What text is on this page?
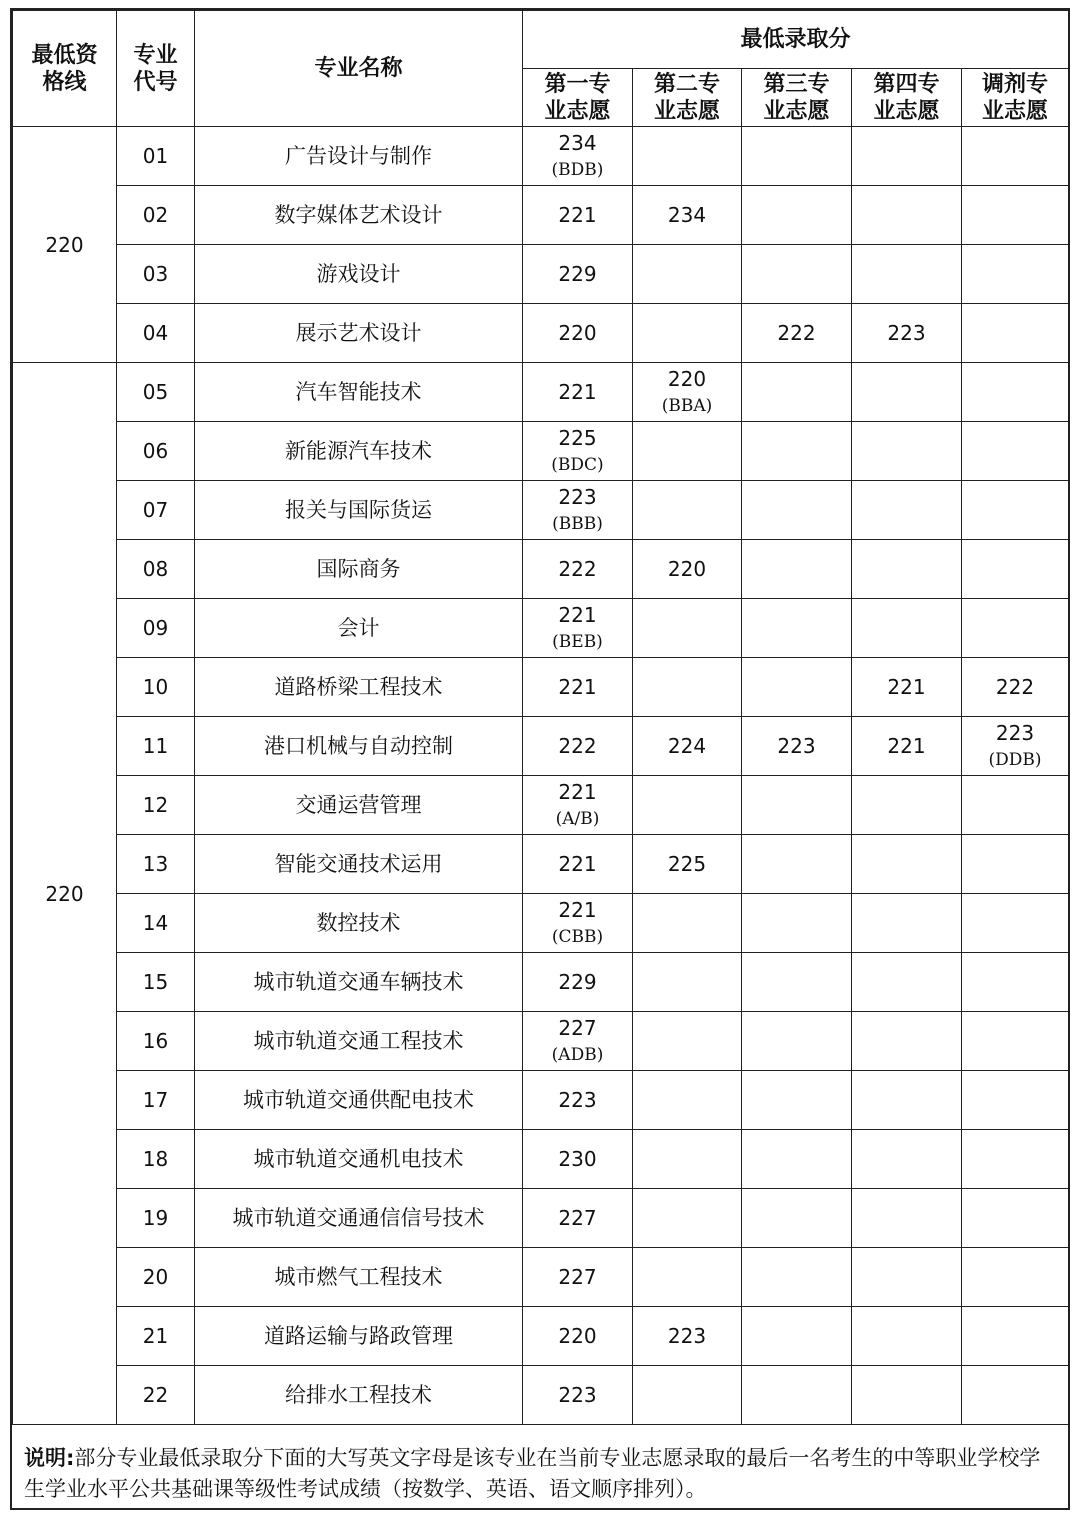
最低资格线	专业代号	专业名称	最低录取分				

			第一专业志愿	第二专业志愿	第三专业志愿	第四专业志愿	调剂专业志愿

220	01	广告设计与制作	234
(BDB)				

	02	数字媒体艺术设计	221	234			

	03	游戏设计	229				

	04	展示艺术设计	220		222	223	

220	05	汽车智能技术	221	220
(BBA)			

	06	新能源汽车技术	225
(BDC)				

	07	报关与国际货运	223
(BBB)				

	08	国际商务	222	220			

	09	会计	221
(BEB)				

	10	道路桥梁工程技术	221			221	222

	11	港口机械与自动控制	222	224	223	221	223
(DDB)

	12	交通运营管理	221
(A/B)				

	13	智能交通技术运用	221	225			

	14	数控技术	221
(CBB)				

	15	城市轨道交通车辆技术	229				

	16	城市轨道交通工程技术	227
(ADB)				

	17	城市轨道交通供配电技术	223				

	18	城市轨道交通机电技术	230				

	19	城市轨道交通通信信号技术	227				

	20	城市燃气工程技术	227				

	21	道路运输与路政管理	220	223			

	22	给排水工程技术	223				

说明:部分专业最低录取分下面的大写英文字母是该专业在当前专业志愿录取的最后一名考生的中等职业学校学生学业水平公共基础课等级性考试成绩（按数学、英语、语文顺序排列）。
